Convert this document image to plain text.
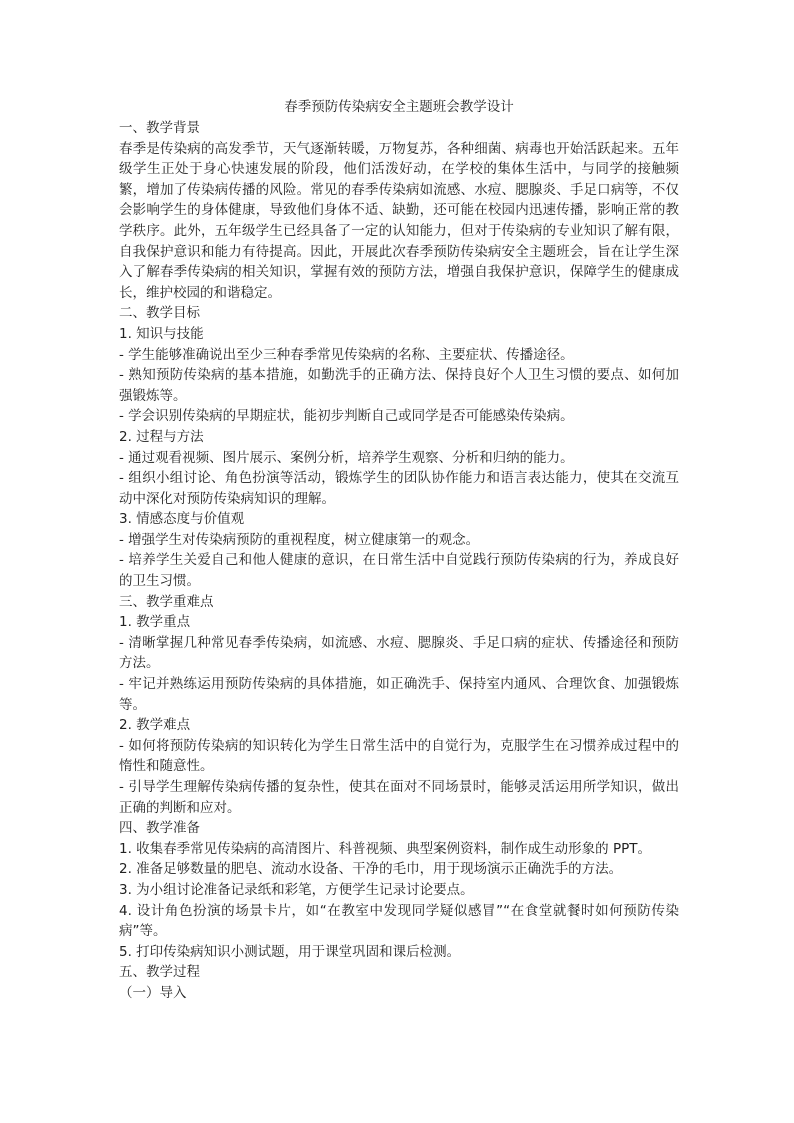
春季预防传染病安全主题班会教学设计
一、教学背景

春季是传染病的高发季节，天气逐渐转暖，万物复苏，各种细菌、病毒也开始活跃起来。五年级学生正处于身心快速发展的阶段，他们活泼好动，在学校的集体生活中，与同学的接触频繁，增加了传染病传播的风险。常见的春季传染病如流感、水痘、腮腺炎、手足口病等，不仅会影响学生的身体健康，导致他们身体不适、缺勤，还可能在校园内迅速传播，影响正常的教学秩序。此外，五年级学生已经具备了一定的认知能力，但对于传染病的专业知识了解有限，自我保护意识和能力有待提高。因此，开展此次春季预防传染病安全主题班会，旨在让学生深入了解春季传染病的相关知识，掌握有效的预防方法，增强自我保护意识，保障学生的健康成长，维护校园的和谐稳定。

二、教学目标
1. 知识与技能

- 学生能够准确说出至少三种春季常见传染病的名称、主要症状、传播途径。

- 熟知预防传染病的基本措施，如勤洗手的正确方法、保持良好个人卫生习惯的要点、如何加强锻炼等。

- 学会识别传染病的早期症状，能初步判断自己或同学是否可能感染传染病。

2. 过程与方法

- 通过观看视频、图片展示、案例分析，培养学生观察、分析和归纳的能力。

- 组织小组讨论、角色扮演等活动，锻炼学生的团队协作能力和语言表达能力，使其在交流互动中深化对预防传染病知识的理解。

3. 情感态度与价值观

- 增强学生对传染病预防的重视程度，树立健康第一的观念。

- 培养学生关爱自己和他人健康的意识，在日常生活中自觉践行预防传染病的行为，养成良好的卫生习惯。

三、教学重难点
1. 教学重点

- 清晰掌握几种常见春季传染病，如流感、水痘、腮腺炎、手足口病的症状、传播途径和预防方法。

- 牢记并熟练运用预防传染病的具体措施，如正确洗手、保持室内通风、合理饮食、加强锻炼等。

2. 教学难点

- 如何将预防传染病的知识转化为学生日常生活中的自觉行为，克服学生在习惯养成过程中的惰性和随意性。

- 引导学生理解传染病传播的复杂性，使其在面对不同场景时，能够灵活运用所学知识，做出正确的判断和应对。

四、教学准备

1. 收集春季常见传染病的高清图片、科普视频、典型案例资料，制作成生动形象的 PPT。

2. 准备足够数量的肥皂、流动水设备、干净的毛巾，用于现场演示正确洗手的方法。

3. 为小组讨论准备记录纸和彩笔，方便学生记录讨论要点。

4. 设计角色扮演的场景卡片，如“在教室中发现同学疑似感冒”“在食堂就餐时如何预防传染病”等。

5. 打印传染病知识小测试题，用于课堂巩固和课后检测。

五、教学过程
（一）导入
